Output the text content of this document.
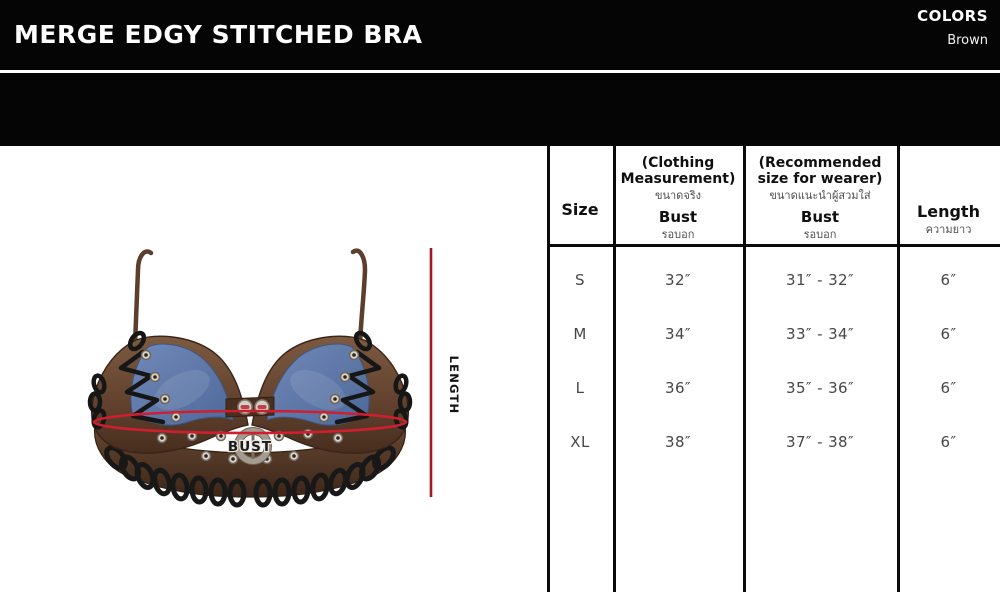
MERGE EDGY STITCHED BRA
COLORS
Brown
BUST
LENGTH
Size
(Clothing
Measurement)
ขนาดจริง
Bust
รอบอก
(Recommended
size for wearer)
ขนาดแนะนำผู้สวมใส่
Bust
รอบอก
Length
ความยาว
S	32″	31″ - 32″	6″
M	34″	33″ - 34″	6″
L	36″	35″ - 36″	6″
XL	38″	37″ - 38″	6″
